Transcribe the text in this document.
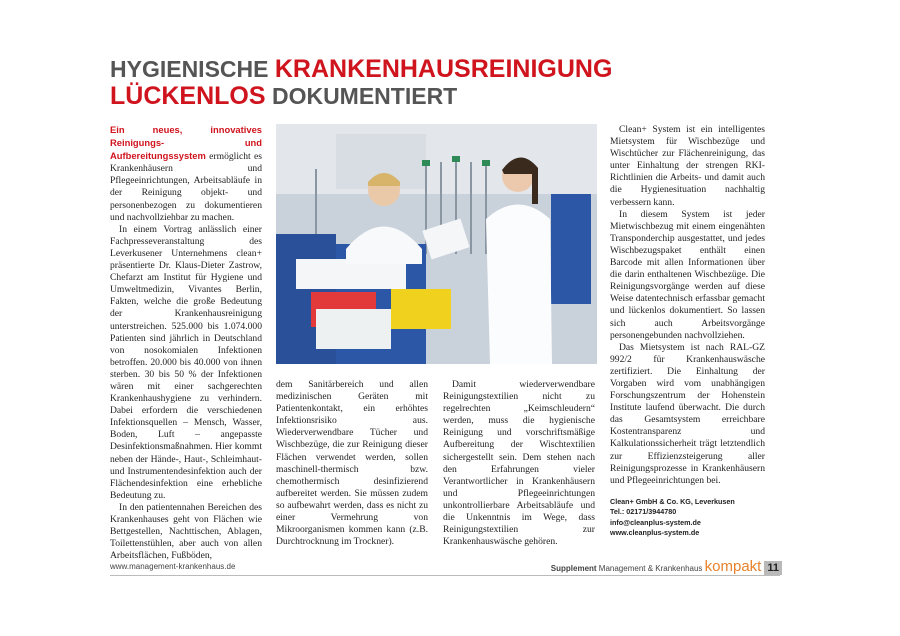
HYGIENISCHE KRANKENHAUSREINIGUNG
LÜCKENLOS DOKUMENTIERT

Ein neues, innovatives Reinigungs- und Aufbereitungssystem ermöglicht es Krankenhäusern und Pflegeeinrichtungen, Arbeitsabläufe in der Reinigung objekt- und personenbezogen zu dokumentieren und nachvollziehbar zu machen.

In einem Vortrag anlässlich einer Fachpresseveranstaltung des Leverkusener Unternehmens clean+ präsentierte Dr. Klaus-Dieter Zastrow, Chefarzt am Institut für Hygiene und Umweltmedizin, Vivantes Berlin, Fakten, welche die große Bedeutung der Krankenhausreinigung unterstreichen. 525.000 bis 1.074.000 Patienten sind jährlich in Deutschland von nosokomialen Infektionen betroffen. 20.000 bis 40.000 von ihnen sterben. 30 bis 50 % der Infektionen wären mit einer sachgerechten Krankenhaushygiene zu verhindern. Dabei erfordern die verschiedenen Infektionsquellen – Mensch, Wasser, Boden, Luft – angepasste Desinfektionsmaßnahmen. Hier kommt neben der Hände-, Haut-, Schleimhaut- und Instrumentendesinfektion auch der Flächendesinfektion eine erhebliche Bedeutung zu.

In den patientennahen Bereichen des Krankenhauses geht von Flächen wie Bettgestellen, Nachttischen, Ablagen, Toilettenstühlen, aber auch von allen Arbeitsflächen, Fußböden,

dem Sanitärbereich und allen medizinischen Geräten mit Patientenkontakt, ein erhöhtes Infektionsrisiko aus. Wiederverwendbare Tücher und Wischbezüge, die zur Reinigung dieser Flächen verwendet werden, sollen maschinell-thermisch bzw. chemothermisch desinfizierend aufbereitet werden. Sie müssen zudem so aufbewahrt werden, dass es nicht zu einer Vermehrung von Mikroorganismen kommen kann (z.B. Durchtrocknung im Trockner).

Damit wiederverwendbare Reinigungstextilien nicht zu regelrechten „Keimschleudern“ werden, muss die hygienische Reinigung und vorschriftsmäßige Aufbereitung der Wischtextilien sichergestellt sein. Dem stehen nach den Erfahrungen vieler Verantwortlicher in Krankenhäusern und Pflegeeinrichtungen unkontrollierbare Arbeitsabläufe und die Unkenntnis im Wege, dass Reinigungstextilien zur Krankenhauswäsche gehören.

Clean+ System ist ein intelligentes Mietsystem für Wischbezüge und Wischtücher zur Flächenreinigung, das unter Einhaltung der strengen RKI-Richtlinien die Arbeits- und damit auch die Hygienesituation nachhaltig verbessern kann.

In diesem System ist jeder Mietwischbezug mit einem eingenähten Transponderchip ausgestattet, und jedes Wischbezugspaket enthält einen Barcode mit allen Informationen über die darin enthaltenen Wischbezüge. Die Reinigungsvorgänge werden auf diese Weise datentechnisch erfassbar gemacht und lückenlos dokumentiert. So lassen sich auch Arbeitsvorgänge personengebunden nachvollziehen.

Das Mietsystem ist nach RAL-GZ 992/2 für Krankenhauswäsche zertifiziert. Die Einhaltung der Vorgaben wird vom unabhängigen Forschungszentrum der Hohenstein Institute laufend überwacht. Die durch das Gesamtsystem erreichbare Kostentransparenz und Kalkulationssicherheit trägt letztendlich zur Effizienzsteigerung aller Reinigungsprozesse in Krankenhäusern und Pflegeeinrichtungen bei.

Clean+ GmbH & Co. KG, Leverkusen
Tel.: 02171/3944780
info@cleanplus-system.de
www.cleanplus-system.de
www.management-krankenhaus.de	Supplement Management & Krankenhaus kompakt 11
